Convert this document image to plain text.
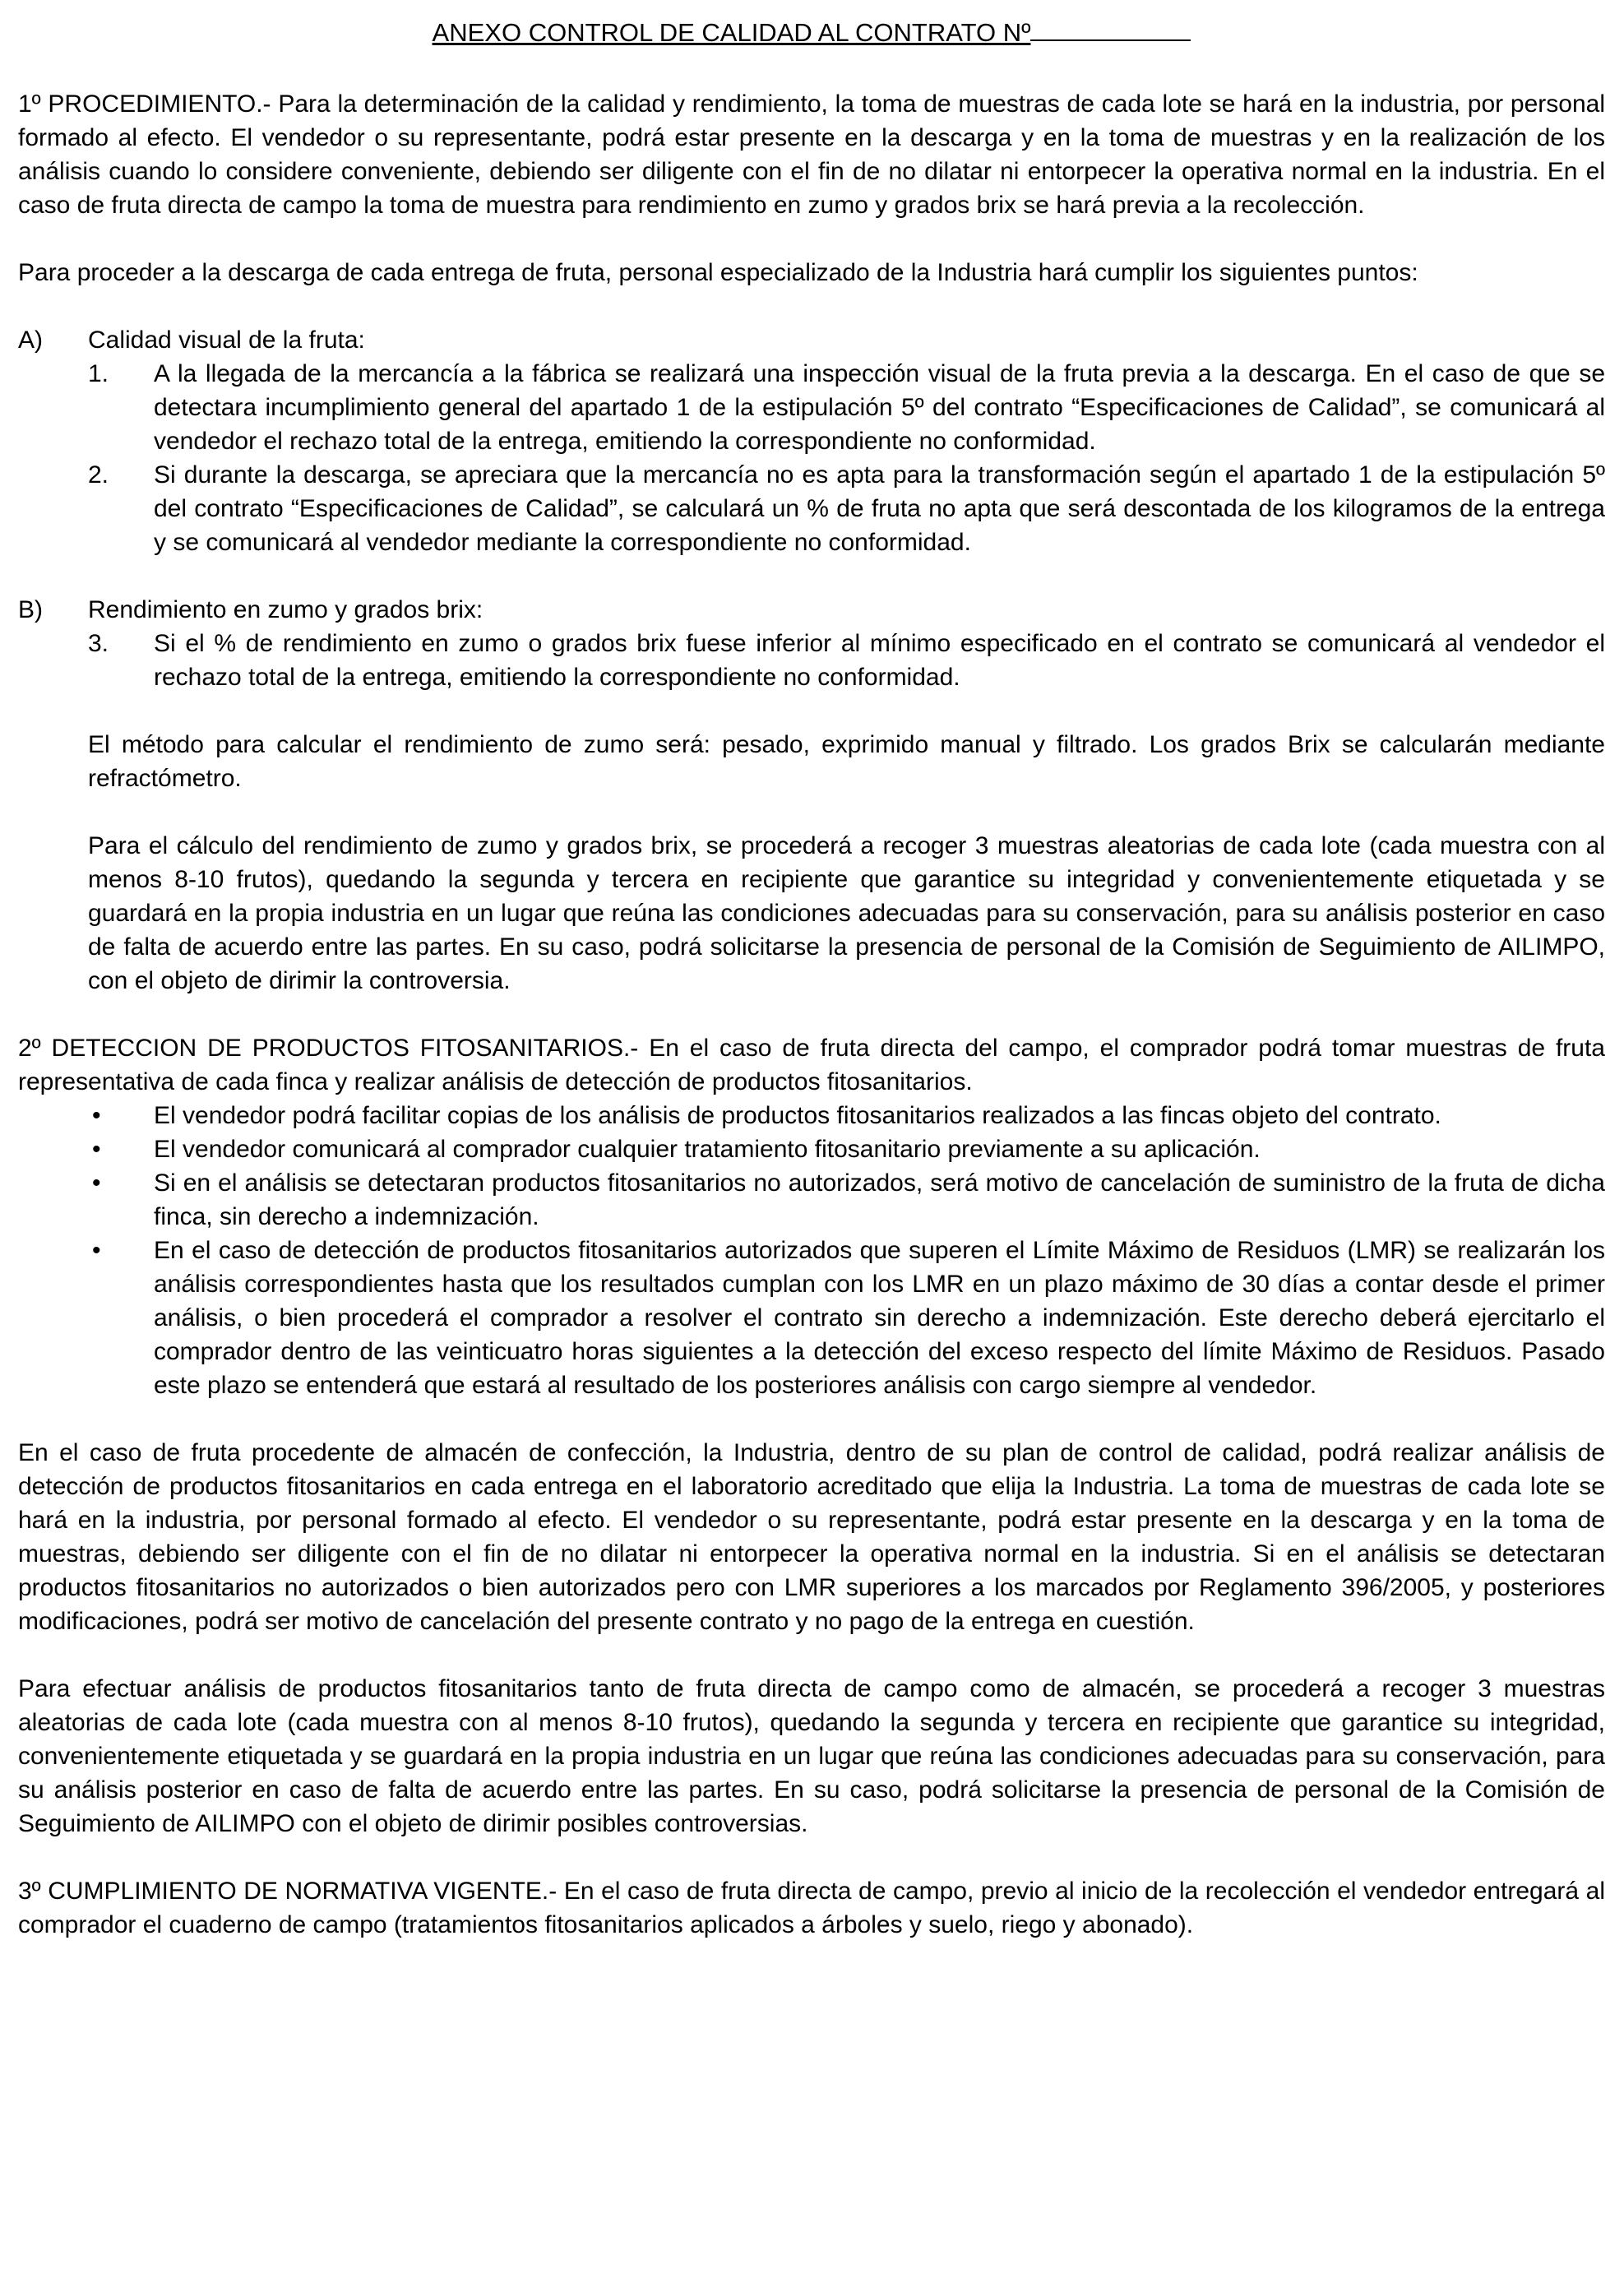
ANEXO CONTROL DE CALIDAD AL CONTRATO Nº

1º PROCEDIMIENTO.- Para la determinación de la calidad y rendimiento, la toma de muestras de cada lote se hará en la industria, por personal formado al efecto. El vendedor o su representante, podrá estar presente en la descarga y en la toma de muestras y en la realización de los análisis cuando lo considere conveniente, debiendo ser diligente con el fin de no dilatar ni entorpecer la operativa normal en la industria. En el caso de fruta directa de campo la toma de muestra para rendimiento en zumo y grados brix se hará previa a la recolección.

Para proceder a la descarga de cada entrega de fruta, personal especializado de la Industria hará cumplir los siguientes puntos:

A)	Calidad visual de la fruta:
1.	A la llegada de la mercancía a la fábrica se realizará una inspección visual de la fruta previa a la descarga. En el caso de que se detectara incumplimiento general del apartado 1 de la estipulación 5º del contrato “Especificaciones de Calidad”, se comunicará al vendedor el rechazo total de la entrega, emitiendo la correspondiente no conformidad.
2.	Si durante la descarga, se apreciara que la mercancía no es apta para la transformación según el apartado 1 de la estipulación 5º del contrato “Especificaciones de Calidad”, se calculará un % de fruta no apta que será descontada de los kilogramos de la entrega y se comunicará al vendedor mediante la correspondiente no conformidad.
B)	Rendimiento en zumo y grados brix:
3.	Si el % de rendimiento en zumo o grados brix fuese inferior al mínimo especificado en el contrato se comunicará al vendedor el rechazo total de la entrega, emitiendo la correspondiente no conformidad.

El método para calcular el rendimiento de zumo será: pesado, exprimido manual y filtrado. Los grados Brix se calcularán mediante refractómetro.

Para el cálculo del rendimiento de zumo y grados brix, se procederá a recoger 3 muestras aleatorias de cada lote (cada muestra con al menos 8-10 frutos), quedando la segunda y tercera en recipiente que garantice su integridad y convenientemente etiquetada y se guardará en la propia industria en un lugar que reúna las condiciones adecuadas para su conservación, para su análisis posterior en caso de falta de acuerdo entre las partes. En su caso, podrá solicitarse la presencia de personal de la Comisión de Seguimiento de AILIMPO, con el objeto de dirimir la controversia.

2º DETECCION DE PRODUCTOS FITOSANITARIOS.- En el caso de fruta directa del campo, el comprador podrá tomar muestras de fruta representativa de cada finca y realizar análisis de detección de productos fitosanitarios.

•	El vendedor podrá facilitar copias de los análisis de productos fitosanitarios realizados a las fincas objeto del contrato.
•	El vendedor comunicará al comprador cualquier tratamiento fitosanitario previamente a su aplicación.
•	Si en el análisis se detectaran productos fitosanitarios no autorizados, será motivo de cancelación de suministro de la fruta de dicha finca, sin derecho a indemnización.
•	En el caso de detección de productos fitosanitarios autorizados que superen el Límite Máximo de Residuos (LMR) se realizarán los análisis correspondientes hasta que los resultados cumplan con los LMR en un plazo máximo de 30 días a contar desde el primer análisis, o bien procederá el comprador a resolver el contrato sin derecho a indemnización. Este derecho deberá ejercitarlo el comprador dentro de las veinticuatro horas siguientes a la detección del exceso respecto del límite Máximo de Residuos. Pasado este plazo se entenderá que estará al resultado de los posteriores análisis con cargo siempre al vendedor.

En el caso de fruta procedente de almacén de confección, la Industria, dentro de su plan de control de calidad, podrá realizar análisis de detección de productos fitosanitarios en cada entrega en el laboratorio acreditado que elija la Industria. La toma de muestras de cada lote se hará en la industria, por personal formado al efecto. El vendedor o su representante, podrá estar presente en la descarga y en la toma de muestras, debiendo ser diligente con el fin de no dilatar ni entorpecer la operativa normal en la industria. Si en el análisis se detectaran productos fitosanitarios no autorizados o bien autorizados pero con LMR superiores a los marcados por Reglamento 396/2005, y posteriores modificaciones, podrá ser motivo de cancelación del presente contrato y no pago de la entrega en cuestión.

Para efectuar análisis de productos fitosanitarios tanto de fruta directa de campo como de almacén, se procederá a recoger 3 muestras aleatorias de cada lote (cada muestra con al menos 8-10 frutos), quedando la segunda y tercera en recipiente que garantice su integridad, convenientemente etiquetada y se guardará en la propia industria en un lugar que reúna las condiciones adecuadas para su conservación, para su análisis posterior en caso de falta de acuerdo entre las partes. En su caso, podrá solicitarse la presencia de personal de la Comisión de Seguimiento de AILIMPO con el objeto de dirimir posibles controversias.

3º CUMPLIMIENTO DE NORMATIVA VIGENTE.- En el caso de fruta directa de campo, previo al inicio de la recolección el vendedor entregará al comprador el cuaderno de campo (tratamientos fitosanitarios aplicados a árboles y suelo, riego y abonado).
